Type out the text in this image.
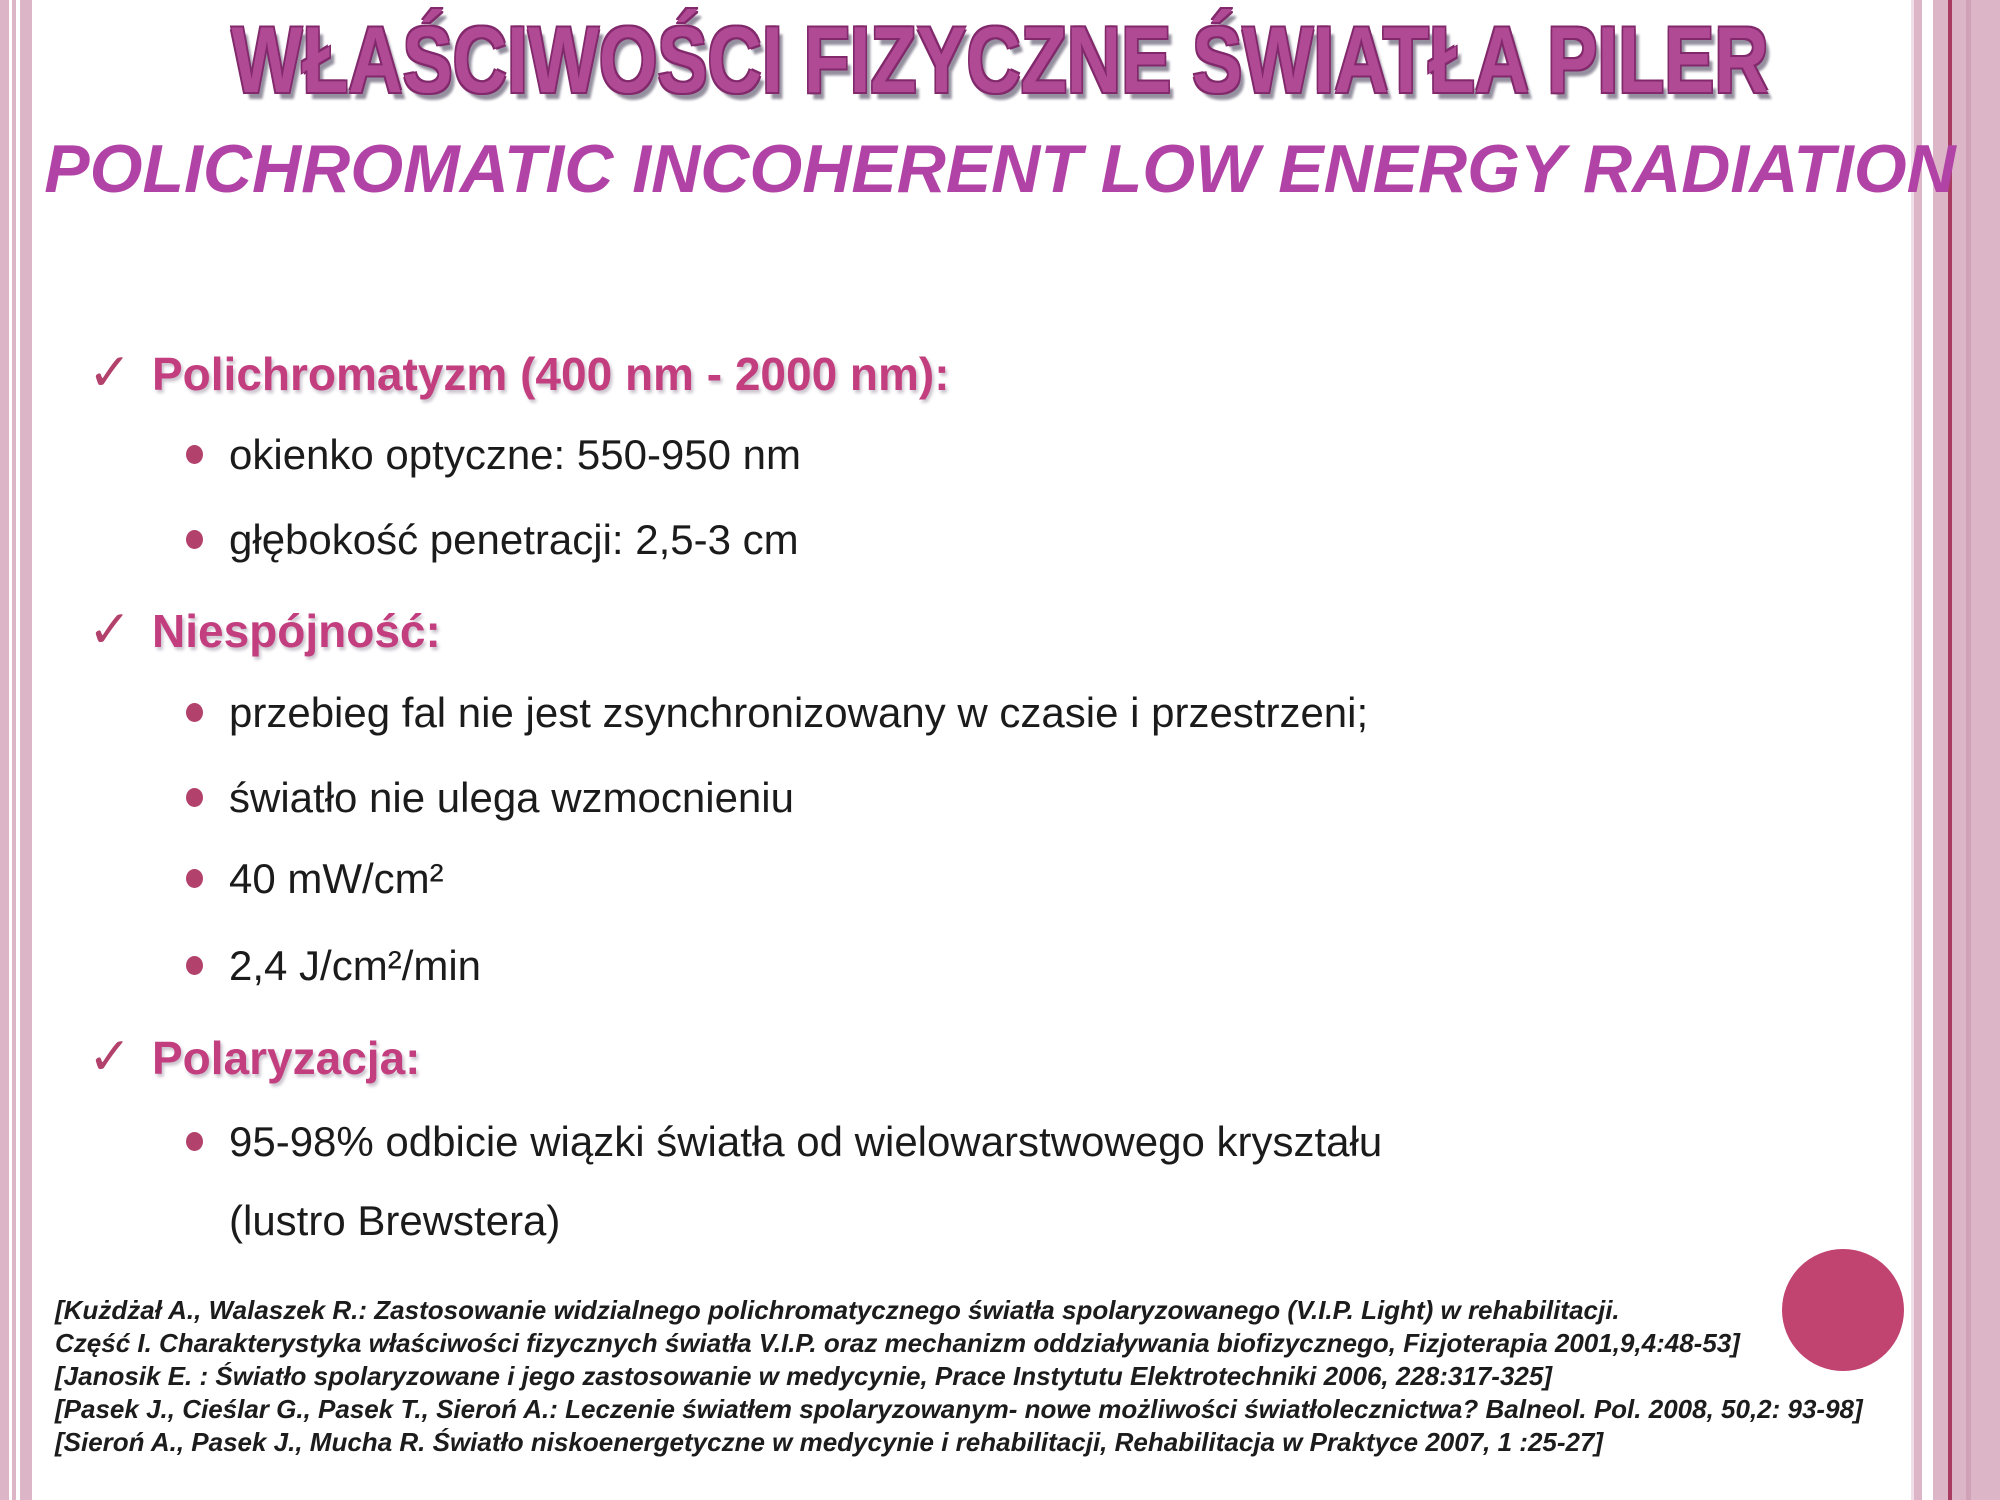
WŁAŚCIWOŚCI FIZYCZNE ŚWIATŁA PILER
POLICHROMATIC INCOHERENT LOW ENERGY RADIATION
✓ Polichromatyzm (400 nm - 2000 nm):
okienko optyczne: 550-950 nm
głębokość penetracji: 2,5-3 cm
✓ Niespójność:
przebieg fal nie jest zsynchronizowany w czasie i przestrzeni;
światło nie ulega wzmocnieniu
40 mW/cm²
2,4 J/cm²/min
✓ Polaryzacja:
95-98% odbicie wiązki światła od wielowarstwowego kryształu
(lustro Brewstera)
[Kużdżał A., Walaszek R.: Zastosowanie widzialnego polichromatycznego światła spolaryzowanego (V.I.P. Light) w rehabilitacji.
Część I. Charakterystyka właściwości fizycznych światła V.I.P. oraz mechanizm oddziaływania biofizycznego, Fizjoterapia 2001,9,4:48-53]
[Janosik E. : Światło spolaryzowane i jego zastosowanie w medycynie, Prace Instytutu Elektrotechniki 2006, 228:317-325]
[Pasek J., Cieślar G., Pasek T., Sieroń A.: Leczenie światłem spolaryzowanym- nowe możliwości światłolecznictwa? Balneol. Pol. 2008, 50,2: 93-98]
[Sieroń A., Pasek J., Mucha R. Światło niskoenergetyczne w medycynie i rehabilitacji, Rehabilitacja w Praktyce 2007, 1 :25-27]
